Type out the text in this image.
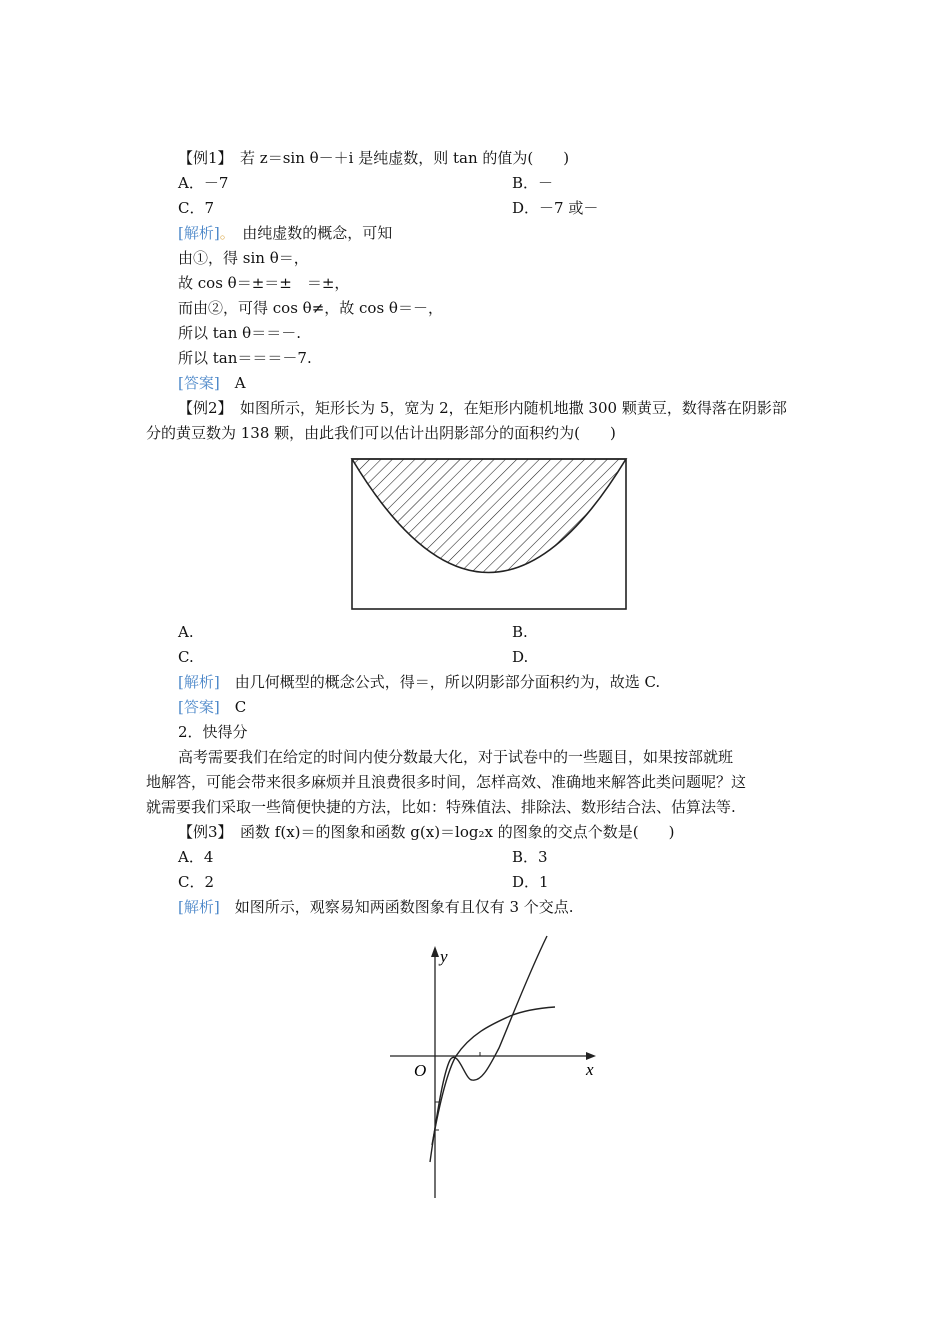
【例1】　若 z＝sin θ－＋i 是纯虚数，则 tan 的值为(　　)
A．－7	B．－
C．7	D．－7 或－
[解析]。　由纯虚数的概念，可知
由①，得 sin θ＝，
故 cos θ＝±＝±　＝±，
而由②，可得 cos θ≠，故 cos θ＝－，
所以 tan θ＝＝－.
所以 tan＝＝＝－7.
[答案]　A
【例2】　如图所示，矩形长为 5，宽为 2，在矩形内随机地撒 300 颗黄豆，数得落在阴影部
分的黄豆数为 138 颗，由此我们可以估计出阴影部分的面积约为(　　)
A.	B.
C.	D.
[解析]　由几何概型的概念公式，得＝，所以阴影部分面积约为，故选 C.
[答案]　C
2．快得分
高考需要我们在给定的时间内使分数最大化，对于试卷中的一些题目，如果按部就班
地解答，可能会带来很多麻烦并且浪费很多时间，怎样高效、准确地来解答此类问题呢？这
就需要我们采取一些简便快捷的方法，比如：特殊值法、排除法、数形结合法、估算法等.
【例3】　函数 f(x)＝的图象和函数 g(x)＝log₂x 的图象的交点个数是(　　)
A．4	B．3
C．2	D．1
[解析]　如图所示，观察易知两函数图象有且仅有 3 个交点.
y
x
O
